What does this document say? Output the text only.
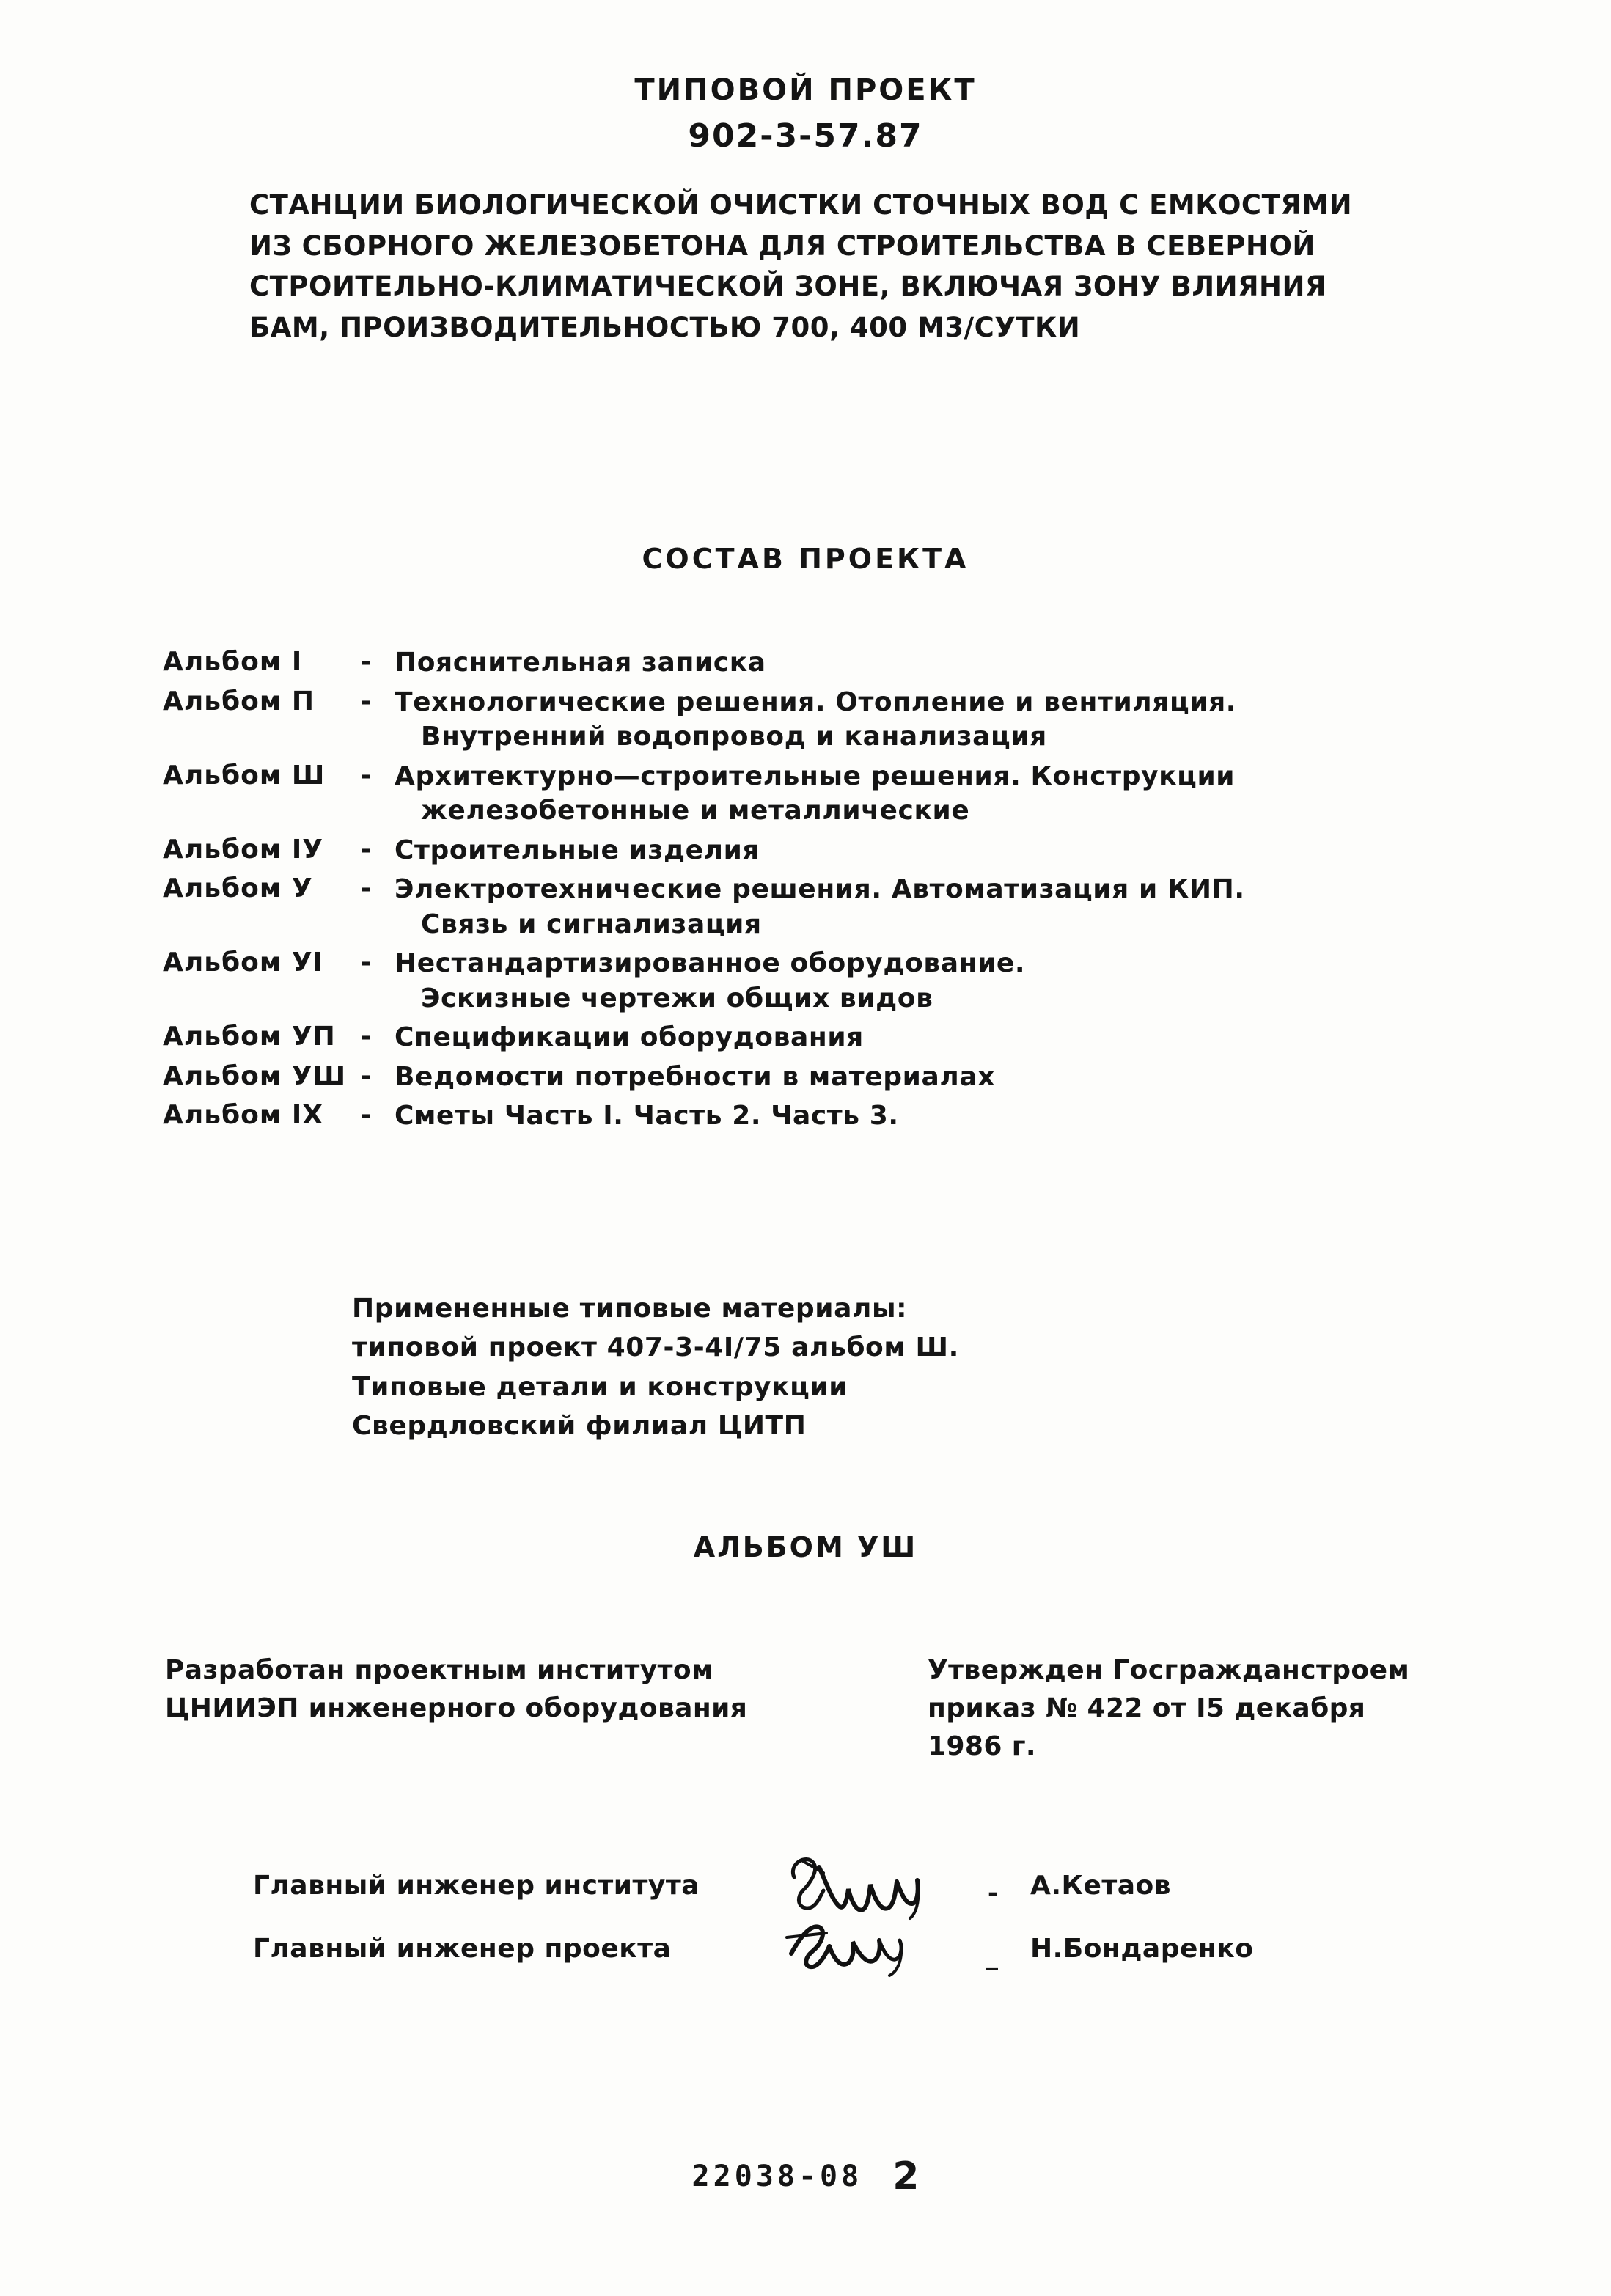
ТИПОВОЙ ПРОЕКТ
902-3-57.87
СТАНЦИИ БИОЛОГИЧЕСКОЙ ОЧИСТКИ СТОЧНЫХ ВОД С ЕМКОСТЯМИ
ИЗ СБОРНОГО ЖЕЛЕЗОБЕТОНА ДЛЯ СТРОИТЕЛЬСТВА В СЕВЕРНОЙ
СТРОИТЕЛЬНО-КЛИМАТИЧЕСКОЙ ЗОНЕ, ВКЛЮЧАЯ ЗОНУ ВЛИЯНИЯ
БАМ, ПРОИЗВОДИТЕЛЬНОСТЬЮ 700, 400 М3/СУТКИ
СОСТАВ ПРОЕКТА
Альбом I	- Пояснительная записка
Альбом П	- Технологические решения. Отопление и вентиляция.
Внутренний водопровод и канализация
Альбом Ш	- Архитектурно—строительные решения. Конструкции
железобетонные и металлические
Альбом IУ	- Строительные изделия
Альбом У	- Электротехнические решения. Автоматизация и КИП.
Связь и сигнализация
Альбом УI	- Нестандартизированное оборудование.
Эскизные чертежи общих видов
Альбом УП - Спецификации оборудования
Альбом УШ - Ведомости потребности в материалах
Альбом IX	- Сметы Часть I. Часть 2. Часть 3.
Примененные типовые материалы:
типовой проект 407-3-4I/75 альбом Ш.
Типовые детали и конструкции
Свердловский филиал ЦИТП
АЛЬБОМ УШ
Разработан проектным институтом
ЦНИИЭП инженерного оборудования
Утвержден Госгражданстроем
приказ № 422 от I5 декабря
1986 г.
Главный инженер института	-	А.Кетаов
Главный инженер проекта	_	Н.Бондаренко
22038-08 2
